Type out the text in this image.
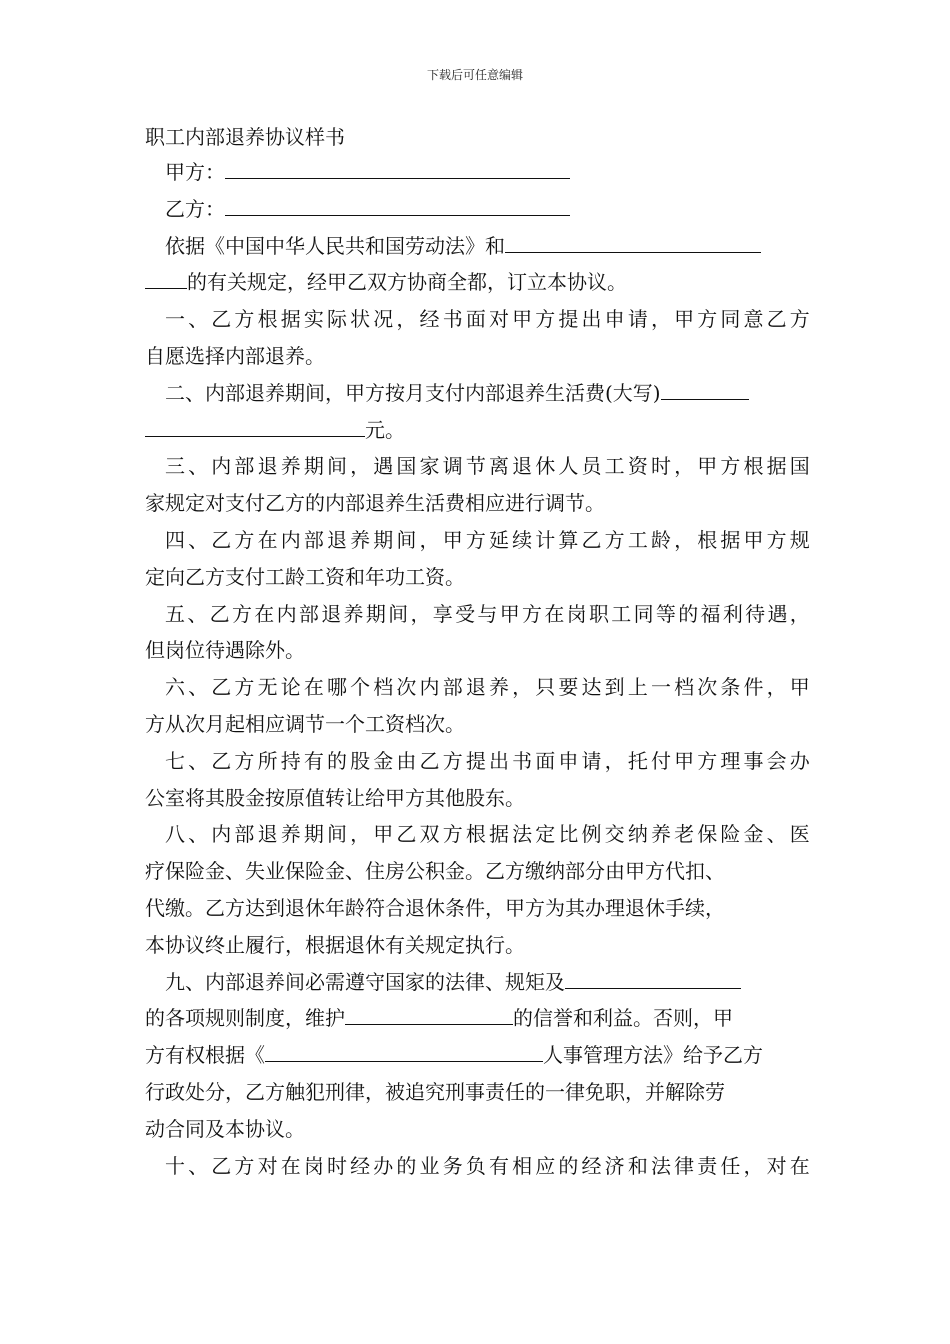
下载后可任意编辑
职工内部退养协议样书
甲方：
乙方：
依据《中国中华人民共和国劳动法》和
的有关规定，经甲乙双方协商全都，订立本协议。
一 、 乙 方 根 据 实 际 状 况 ， 经 书 面 对 甲 方 提 出 申 请 ， 甲 方 同 意 乙 方
自愿选择内部退养。
二、内部退养期间，甲方按月支付内部退养生活费(大写)
元。
三 、 内 部 退 养 期 间 ， 遇 国 家 调 节 离 退 休 人 员 工 资 时 ， 甲 方 根 据 国
家规定对支付乙方的内部退养生活费相应进行调节。
四 、 乙 方 在 内 部 退 养 期 间 ， 甲 方 延 续 计 算 乙 方 工 龄 ， 根 据 甲 方 规
定向乙方支付工龄工资和年功工资。
五 、 乙 方 在 内 部 退 养 期 间 ， 享 受 与 甲 方 在 岗 职 工 同 等 的 福 利 待 遇 ，
但岗位待遇除外。
六 、 乙 方 无 论 在 哪 个 档 次 内 部 退 养 ， 只 要 达 到 上 一 档 次 条 件 ， 甲
方从次月起相应调节一个工资档次。
七 、 乙 方 所 持 有 的 股 金 由 乙 方 提 出 书 面 申 请 ， 托 付 甲 方 理 事 会 办
公室将其股金按原值转让给甲方其他股东。
八 、 内 部 退 养 期 间 ， 甲 乙 双 方 根 据 法 定 比 例 交 纳 养 老 保 险 金 、 医
疗保险金、失业保险金、住房公积金。乙方缴纳部分由甲方代扣、
代缴。乙方达到退休年龄符合退休条件，甲方为其办理退休手续，
本协议终止履行，根据退休有关规定执行。
九、内部退养间必需遵守国家的法律、规矩及
的各项规则制度，维护	的信誉和利益。否则，甲
方有权根据《	人事管理方法》给予乙方
行政处分，乙方触犯刑律，被追究刑事责任的一律免职，并解除劳
动合同及本协议。
十 、 乙 方 对 在 岗 时 经 办 的 业 务 负 有 相 应 的 经 济 和 法 律 责 任 ， 对 在
